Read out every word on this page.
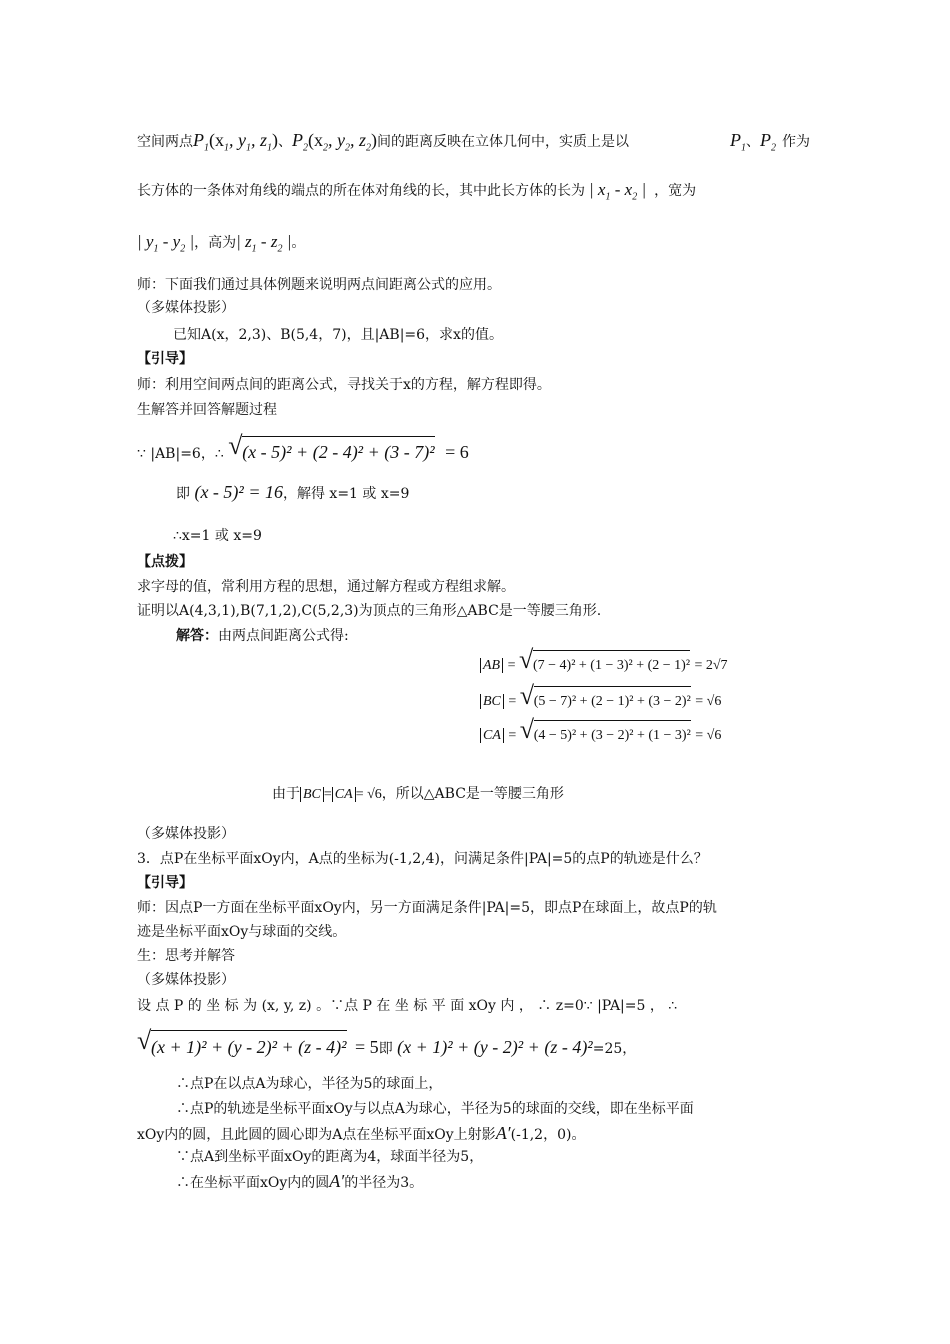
空间两点$P_1(x_1$, $y_1$, $z_1$)、$P_2(x_2$, $y_2$, $z_2$)间的距离反映在立体几何中，实质上是以	$P_1$、$P_2$ 作为
长方体的一条体对角线的端点的所在体对角线的长，其中此长方体的长为 | $x_1 - x_2$ | ，宽为
| $y_1 - y_2$ |，高为| $z_1 - z_2$ |。
师：下面我们通过具体例题来说明两点间距离公式的应用。
（多媒体投影）
已知A(x，2,3)、B(5,4，7)，且|AB|=6，求x的值。
【引导】
师：利用空间两点间的距离公式，寻找关于x的方程，解方程即得。
生解答并回答解题过程
∵ |AB|=6，∴ √ (x - 5)² + (2 - 4)² + (3 - 7)² = 6
即 (x - 5)² = 16，解得 x=1 或 x=9
∴x=1 或 x=9
【点拨】
求字母的值，常利用方程的思想，通过解方程或方程组求解。
证明以A(4,3,1),B(7,1,2),C(5,2,3)为顶点的三角形△ABC是一等腰三角形.
解答：由两点间距离公式得:
AB = √ (7 − 4)² + (1 − 3)² + (2 − 1)² = 2√7
BC = √ (5 − 7)² + (2 − 1)² + (3 − 2)² = √6
CA = √ (4 − 5)² + (3 − 2)² + (1 − 3)² = √6
由于 BC = CA = √6，所以△ABC是一等腰三角形
（多媒体投影）
3．点P在坐标平面xOy内，A点的坐标为(-1,2,4)，问满足条件|PA|=5的点P的轨迹是什么？
【引导】
师：因点P一方面在坐标平面xOy内，另一方面满足条件|PA|=5，即点P在球面上，故点P的轨
迹是坐标平面xOy与球面的交线。
生：思考并解答
（多媒体投影）
设 点 P 的 坐 标 为 (x, y, z) 。∵点 P 在 坐 标 平 面 xOy 内 ， ∴ z=0∵ |PA|=5 ， ∴
√ (x + 1)² + (y - 2)² + (z - 4)² = 5即 (x + 1)² + (y - 2)² + (z - 4)²=25，
∴点P在以点A为球心，半径为5的球面上，
∴点P的轨迹是坐标平面xOy与以点A为球心，半径为5的球面的交线，即在坐标平面
xOy内的圆，且此圆的圆心即为A点在坐标平面xOy上射影A′(-1,2，0)。
∵点A到坐标平面xOy的距离为4，球面半径为5，
∴在坐标平面xOy内的圆A′的半径为3。
